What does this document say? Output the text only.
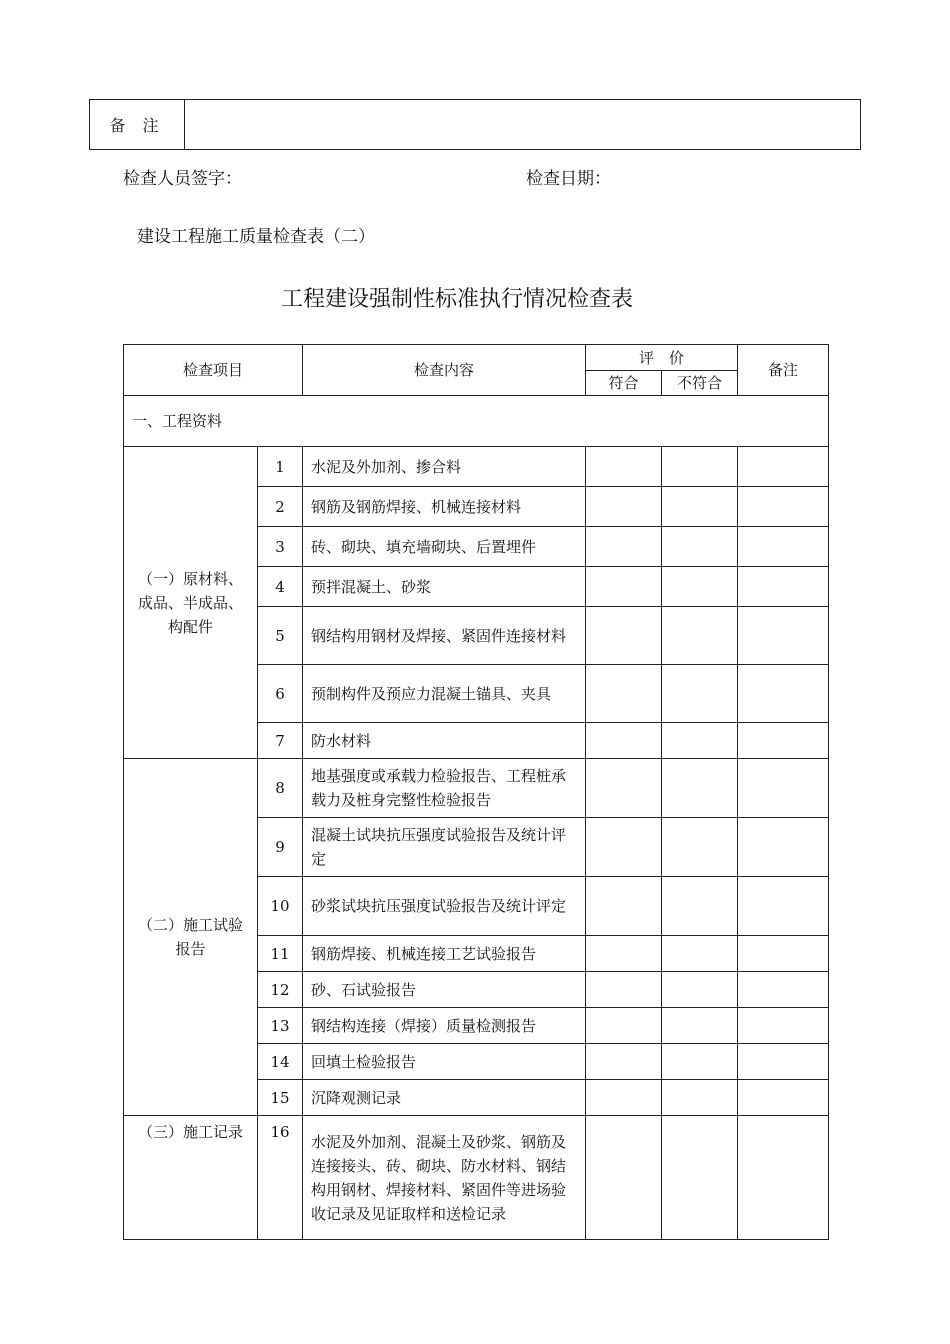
备 注	
检查人员签字：	检查日期：
建设工程施工质量检查表（二）
工程建设强制性标准执行情况检查表
检查项目		检查内容	评　价		备注
			符合	不符合	
一、工程资料					
（一）原材料、成品、半成品、构配件	1	水泥及外加剂、掺合料			
	2	钢筋及钢筋焊接、机械连接材料			
	3	砖、砌块、填充墙砌块、后置埋件			
	4	预拌混凝土、砂浆			
	5	钢结构用钢材及焊接、紧固件连接材料			
	6	预制构件及预应力混凝土锚具、夹具			
	7	防水材料			
（二）施工试验报告	8	地基强度或承载力检验报告、工程桩承载力及桩身完整性检验报告			
	9	混凝土试块抗压强度试验报告及统计评定			
	10	砂浆试块抗压强度试验报告及统计评定			
	11	钢筋焊接、机械连接工艺试验报告			
	12	砂、石试验报告			
	13	钢结构连接（焊接）质量检测报告			
	14	回填土检验报告			
	15	沉降观测记录			
（三）施工记录	16	水泥及外加剂、混凝土及砂浆、钢筋及连接接头、砖、砌块、防水材料、钢结构用钢材、焊接材料、紧固件等进场验收记录及见证取样和送检记录			
